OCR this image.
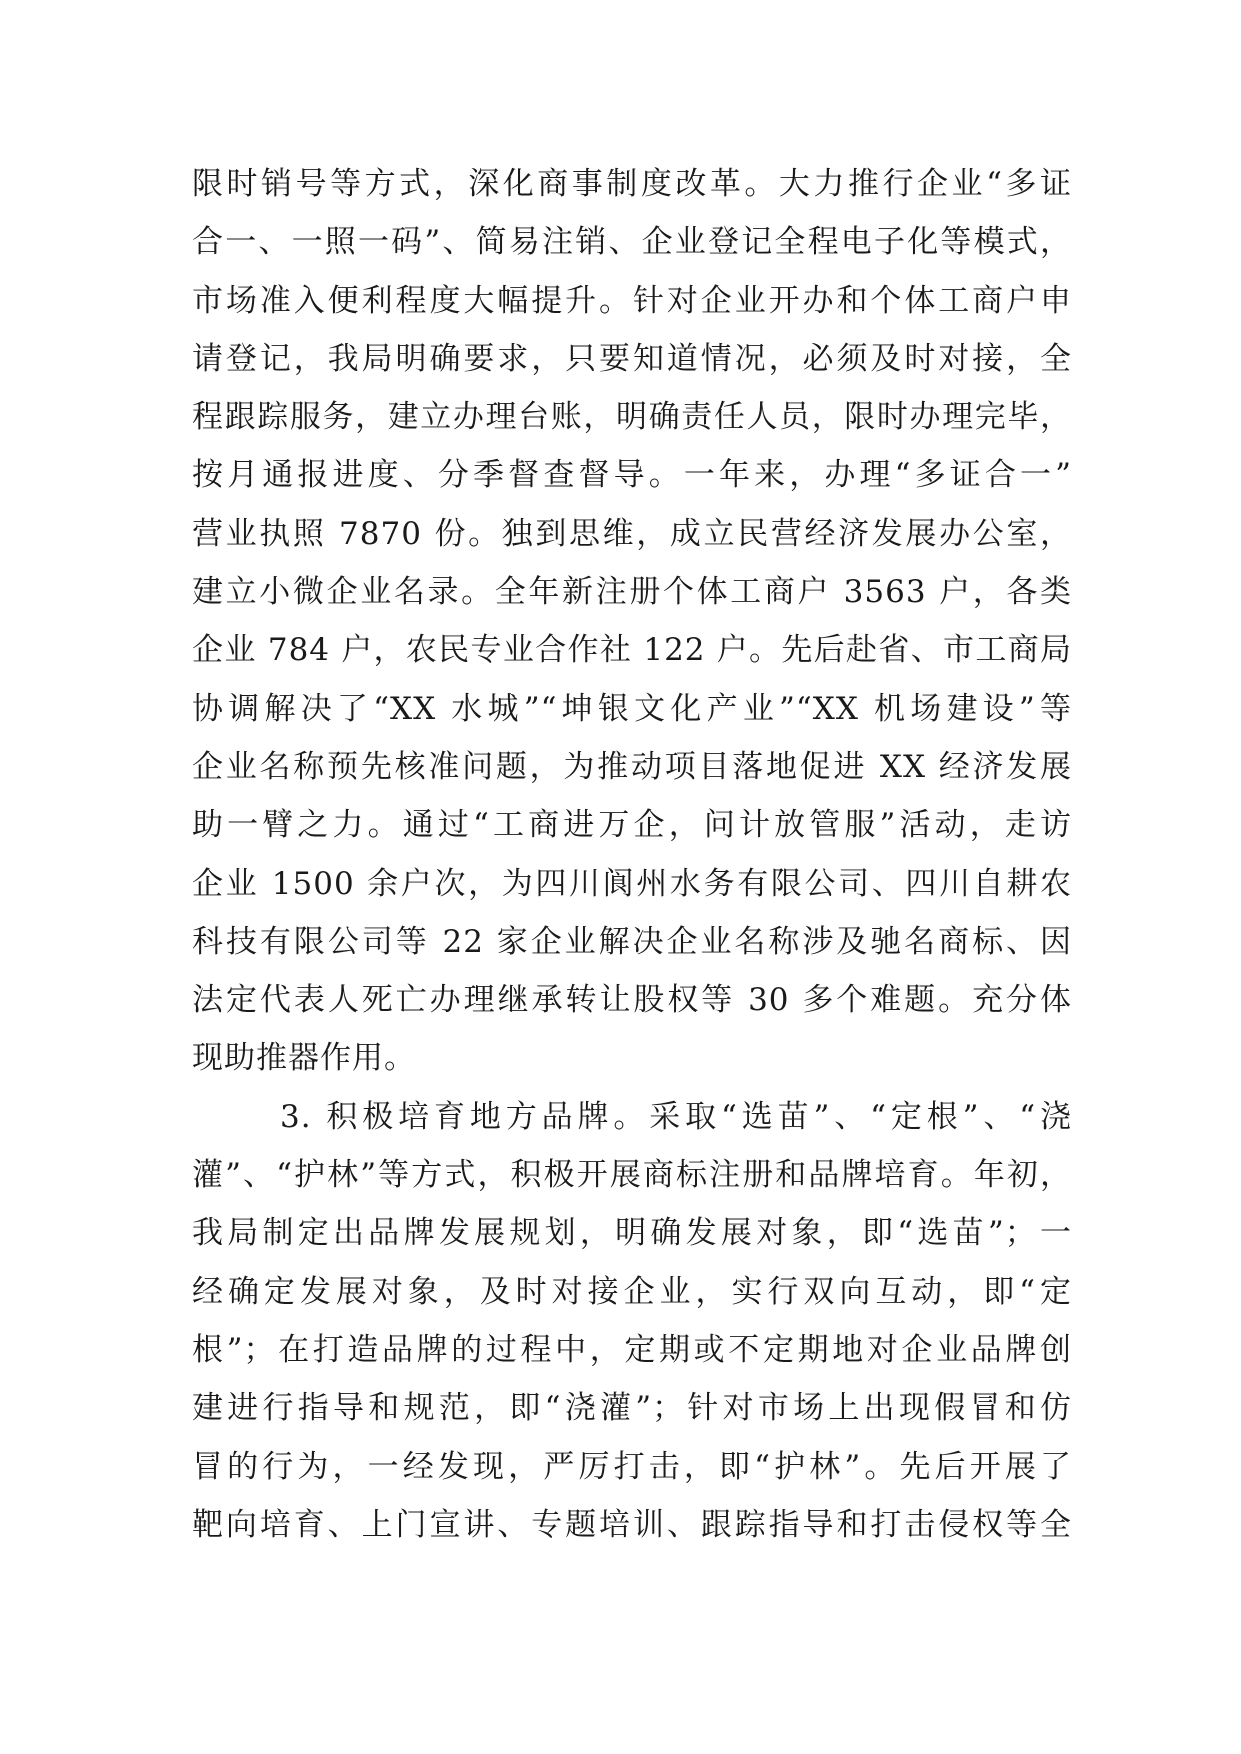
限时销号等方式，深化商事制度改革。大力推行企业“多证
合一、一照一码”、简易注销、企业登记全程电子化等模式，
市场准入便利程度大幅提升。针对企业开办和个体工商户申
请登记，我局明确要求，只要知道情况，必须及时对接，全
程跟踪服务，建立办理台账，明确责任人员，限时办理完毕，
按月通报进度、分季督查督导。一年来，办理“多证合一”
营业执照 7870 份。独到思维，成立民营经济发展办公室，
建立小微企业名录。全年新注册个体工商户 3563 户，各类
企业 784 户，农民专业合作社 122 户。先后赴省、市工商局
协调解决了“XX 水城”“坤银文化产业”“XX 机场建设”等
企业名称预先核准问题，为推动项目落地促进 XX 经济发展
助一臂之力。通过“工商进万企，问计放管服”活动，走访
企业 1500 余户次，为四川阆州水务有限公司、四川自耕农
科技有限公司等 22 家企业解决企业名称涉及驰名商标、因
法定代表人死亡办理继承转让股权等 30 多个难题。充分体
现助推器作用。
3. 积极培育地方品牌。采取“选苗”、“定根”、“浇
灌”、“护林”等方式，积极开展商标注册和品牌培育。年初，
我局制定出品牌发展规划，明确发展对象，即“选苗”；一
经确定发展对象，及时对接企业，实行双向互动，即“定
根”；在打造品牌的过程中，定期或不定期地对企业品牌创
建进行指导和规范，即“浇灌”；针对市场上出现假冒和仿
冒的行为，一经发现，严厉打击，即“护林”。先后开展了
靶向培育、上门宣讲、专题培训、跟踪指导和打击侵权等全
